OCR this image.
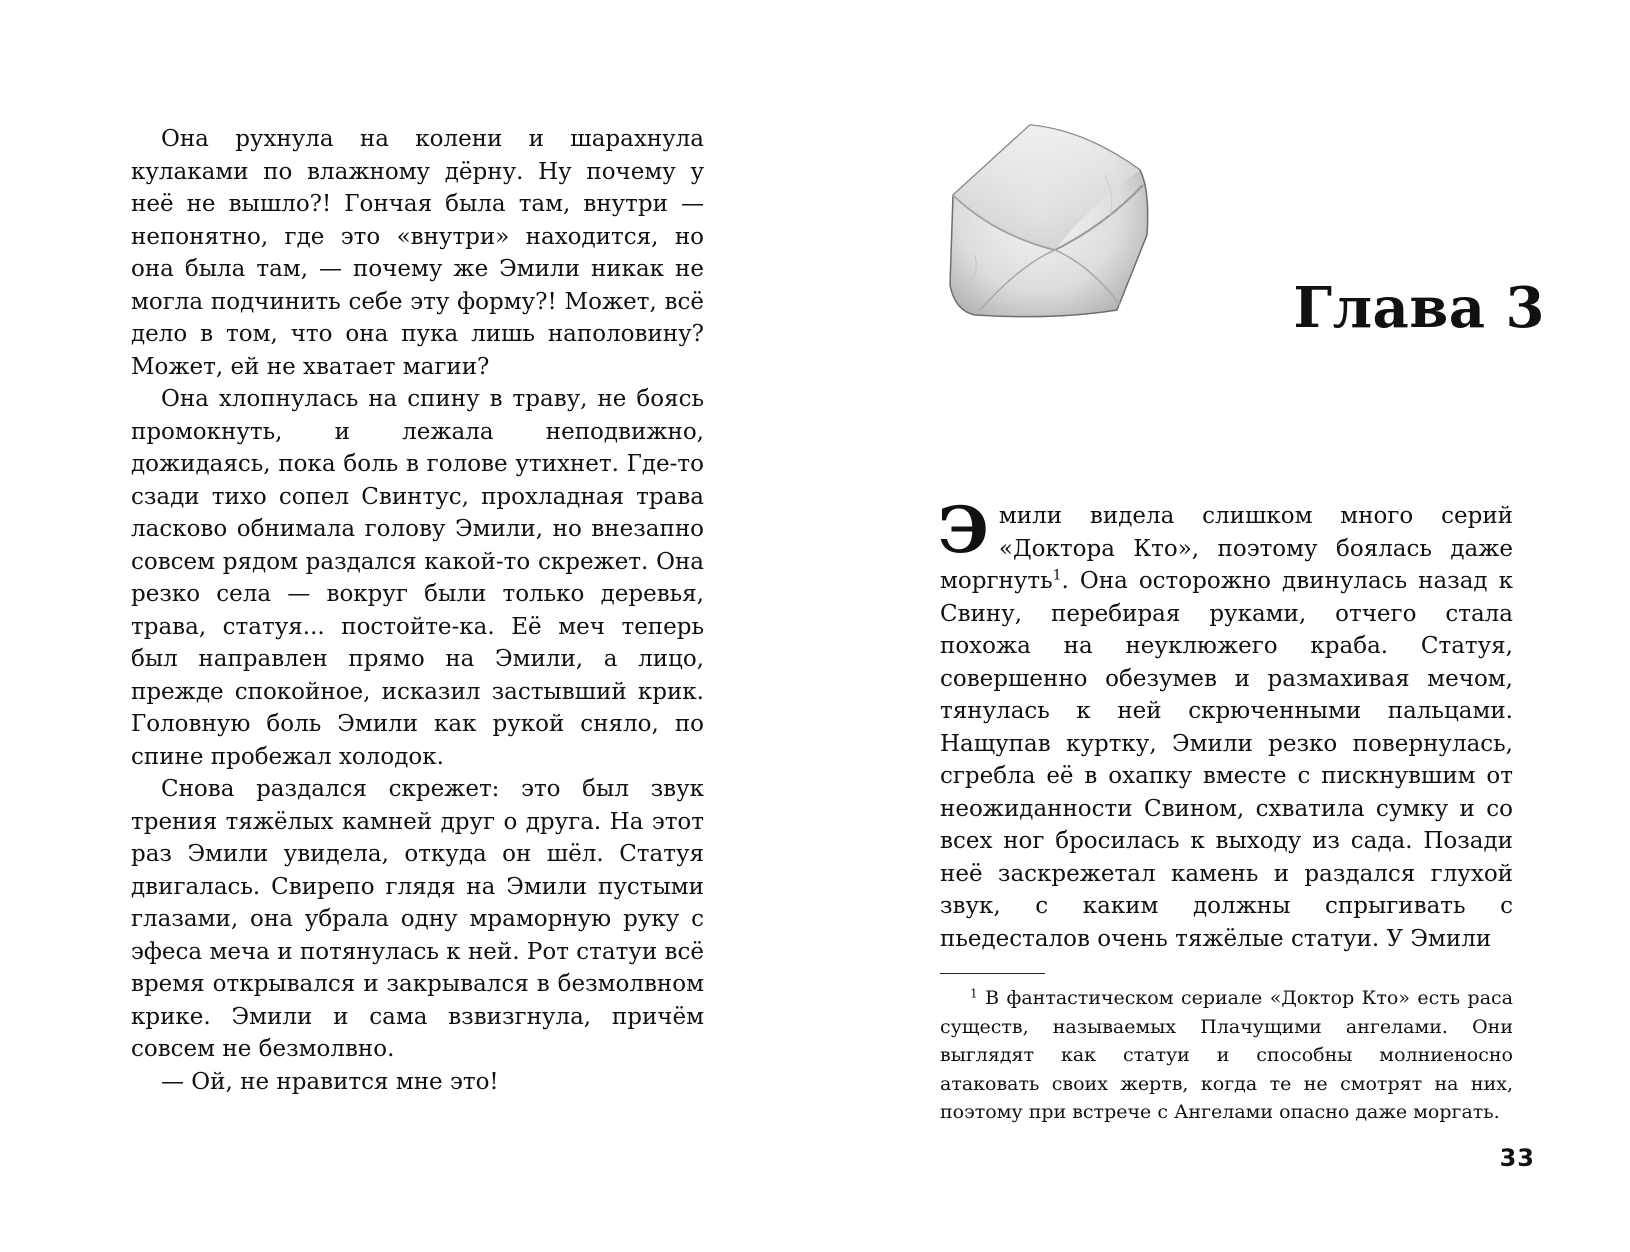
Она рухнула на колени и шарахнула кулаками по влажному дёрну. Ну почему у неё не вышло?! Гончая была там, внутри — непонятно, где это «внутри» находится, но она была там, — почему же Эмили никак не могла подчинить себе эту форму?! Может, всё дело в том, что она пука лишь наполовину? Может, ей не хватает магии?

Она хлопнулась на спину в траву, не боясь промокнуть, и лежала неподвижно, дожидаясь, пока боль в голове утихнет. Где-то сзади тихо сопел Свинтус, прохладная трава ласково обнимала голову Эмили, но внезапно совсем рядом раздался какой-то скрежет. Она резко села — вокруг были только деревья, трава, статуя... постойте-ка. Её меч теперь был направлен прямо на Эмили, а лицо, прежде спокойное, исказил застывший крик. Головную боль Эмили как рукой сняло, по спине пробежал холодок.

Снова раздался скрежет: это был звук трения тяжёлых камней друг о друга. На этот раз Эмили увидела, откуда он шёл. Статуя двигалась. Свирепо глядя на Эмили пустыми глазами, она убрала одну мраморную руку с эфеса меча и потянулась к ней. Рот статуи всё время открывался и закрывался в безмолвном крике. Эмили и сама взвизгнула, причём совсем не безмолвно.

— Ой, не нравится мне это!

Глава 3

Эмили видела слишком много серий «Доктора Кто», поэтому боялась даже моргнуть$^1$. Она осторожно двинулась назад к Свину, перебирая руками, отчего стала похожа на неуклюжего краба. Статуя, совершенно обезумев и размахивая мечом, тянулась к ней скрюченными пальцами. Нащупав куртку, Эмили резко повернулась, сгребла её в охапку вместе с пискнувшим от неожиданности Свином, схватила сумку и со всех ног бросилась к выходу из сада. Позади неё заскрежетал камень и раздался глухой звук, с каким должны спрыгивать с пьедесталов очень тяжёлые статуи. У Эмили

$^1$ В фантастическом сериале «Доктор Кто» есть раса существ, называемых Плачущими ангелами. Они выглядят как статуи и способны молниеносно атаковать своих жертв, когда те не смотрят на них, поэтому при встрече с Ангелами опасно даже моргать.

33
